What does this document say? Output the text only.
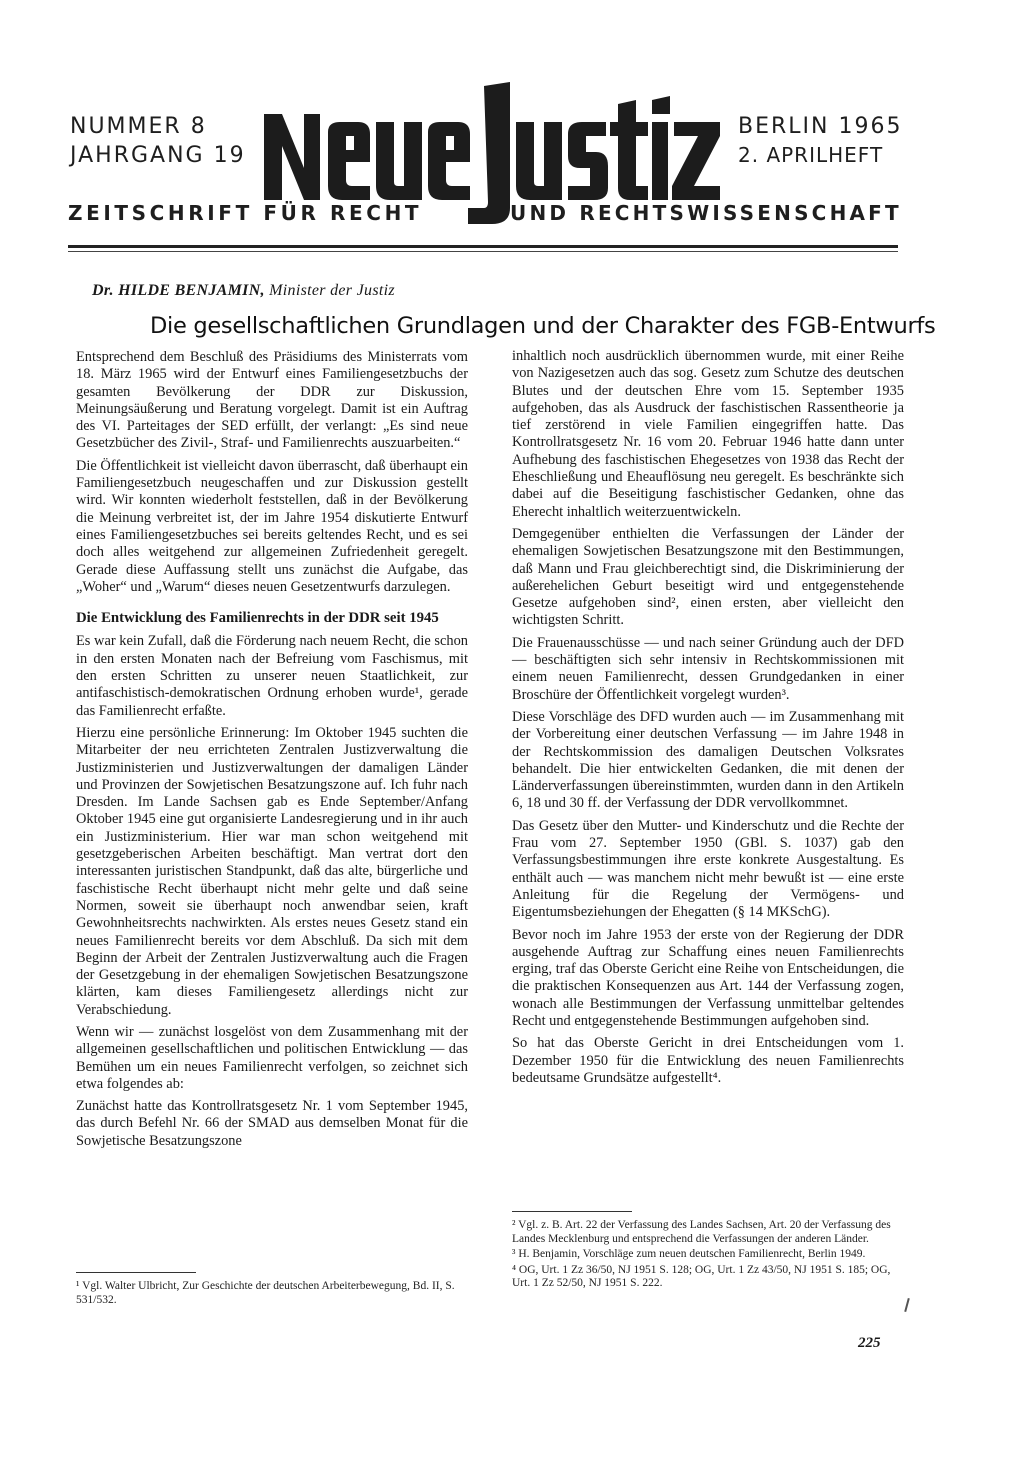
NUMMER 8
JAHRGANG 19
BERLIN 1965
2. APRILHEFT
ZEITSCHRIFT FÜR RECHT	UND RECHTSWISSENSCHAFT
Dr. HILDE BENJAMIN, Minister der Justiz
Die gesellschaftlichen Grundlagen und der Charakter des FGB-Entwurfs

Entsprechend dem Beschluß des Präsidiums des Ministerrats vom 18. März 1965 wird der Entwurf eines Familiengesetzbuchs der gesamten Bevölkerung der DDR zur Diskussion, Meinungsäußerung und Beratung vorgelegt. Damit ist ein Auftrag des VI. Parteitages der SED erfüllt, der verlangt: „Es sind neue Gesetzbücher des Zivil-, Straf- und Familienrechts auszuarbeiten.“

Die Öffentlichkeit ist vielleicht davon überrascht, daß überhaupt ein Familiengesetzbuch neugeschaffen und zur Diskussion gestellt wird. Wir konnten wiederholt feststellen, daß in der Bevölkerung die Meinung verbreitet ist, der im Jahre 1954 diskutierte Entwurf eines Familiengesetzbuches sei bereits geltendes Recht, und es sei doch alles weitgehend zur allgemeinen Zufriedenheit geregelt. Gerade diese Auffassung stellt uns zunächst die Aufgabe, das „Woher“ und „Warum“ dieses neuen Gesetzentwurfs darzulegen.

Die Entwicklung des Familienrechts in der DDR seit 1945

Es war kein Zufall, daß die Förderung nach neuem Recht, die schon in den ersten Monaten nach der Befreiung vom Faschismus, mit den ersten Schritten zu unserer neuen Staatlichkeit, zur antifaschistisch-demokratischen Ordnung erhoben wurde¹, gerade das Familienrecht erfaßte.

Hierzu eine persönliche Erinnerung: Im Oktober 1945 suchten die Mitarbeiter der neu errichteten Zentralen Justizverwaltung die Justizministerien und Justizverwaltungen der damaligen Länder und Provinzen der Sowjetischen Besatzungszone auf. Ich fuhr nach Dresden. Im Lande Sachsen gab es Ende September/Anfang Oktober 1945 eine gut organisierte Landesregierung und in ihr auch ein Justizministerium. Hier war man schon weitgehend mit gesetzgeberischen Arbeiten beschäftigt. Man vertrat dort den interessanten juristischen Standpunkt, daß das alte, bürgerliche und faschistische Recht überhaupt nicht mehr gelte und daß seine Normen, soweit sie überhaupt noch anwendbar seien, kraft Gewohnheitsrechts nachwirkten. Als erstes neues Gesetz stand ein neues Familienrecht bereits vor dem Abschluß. Da sich mit dem Beginn der Arbeit der Zentralen Justizverwaltung auch die Fragen der Gesetzgebung in der ehemaligen Sowjetischen Besatzungszone klärten, kam dieses Familiengesetz allerdings nicht zur Verabschiedung.

Wenn wir — zunächst losgelöst von dem Zusammenhang mit der allgemeinen gesellschaftlichen und politischen Entwicklung — das Bemühen um ein neues Familienrecht verfolgen, so zeichnet sich etwa folgendes ab:

Zunächst hatte das Kontrollratsgesetz Nr. 1 vom September 1945, das durch Befehl Nr. 66 der SMAD aus demselben Monat für die Sowjetische Besatzungszone

inhaltlich noch ausdrücklich übernommen wurde, mit einer Reihe von Nazigesetzen auch das sog. Gesetz zum Schutze des deutschen Blutes und der deutschen Ehre vom 15. September 1935 aufgehoben, das als Ausdruck der faschistischen Rassentheorie ja tief zerstörend in viele Familien eingegriffen hatte. Das Kontrollratsgesetz Nr. 16 vom 20. Februar 1946 hatte dann unter Aufhebung des faschistischen Ehegesetzes von 1938 das Recht der Eheschließung und Eheauflösung neu geregelt. Es beschränkte sich dabei auf die Beseitigung faschistischer Gedanken, ohne das Eherecht inhaltlich weiterzuentwickeln.

Demgegenüber enthielten die Verfassungen der Länder der ehemaligen Sowjetischen Besatzungszone mit den Bestimmungen, daß Mann und Frau gleichberechtigt sind, die Diskriminierung der außerehelichen Geburt beseitigt wird und entgegenstehende Gesetze aufgehoben sind², einen ersten, aber vielleicht den wichtigsten Schritt.

Die Frauenausschüsse — und nach seiner Gründung auch der DFD — beschäftigten sich sehr intensiv in Rechtskommissionen mit einem neuen Familienrecht, dessen Grundgedanken in einer Broschüre der Öffentlichkeit vorgelegt wurden³.

Diese Vorschläge des DFD wurden auch — im Zusammenhang mit der Vorbereitung einer deutschen Verfassung — im Jahre 1948 in der Rechtskommission des damaligen Deutschen Volksrates behandelt. Die hier entwickelten Gedanken, die mit denen der Länderverfassungen übereinstimmten, wurden dann in den Artikeln 6, 18 und 30 ff. der Verfassung der DDR vervollkommnet.

Das Gesetz über den Mutter- und Kinderschutz und die Rechte der Frau vom 27. September 1950 (GBl. S. 1037) gab den Verfassungsbestimmungen ihre erste konkrete Ausgestaltung. Es enthält auch — was manchem nicht mehr bewußt ist — eine erste Anleitung für die Regelung der Vermögens- und Eigentumsbeziehungen der Ehegatten (§ 14 MKSchG).

Bevor noch im Jahre 1953 der erste von der Regierung der DDR ausgehende Auftrag zur Schaffung eines neuen Familienrechts erging, traf das Oberste Gericht eine Reihe von Entscheidungen, die die praktischen Konsequenzen aus Art. 144 der Verfassung zogen, wonach alle Bestimmungen der Verfassung unmittelbar geltendes Recht und entgegenstehende Bestimmungen aufgehoben sind.

So hat das Oberste Gericht in drei Entscheidungen vom 1. Dezember 1950 für die Entwicklung des neuen Familienrechts bedeutsame Grundsätze aufgestellt⁴.

¹ Vgl. Walter Ulbricht, Zur Geschichte der deutschen Arbeiterbewegung, Bd. II, S. 531/532.

² Vgl. z. B. Art. 22 der Verfassung des Landes Sachsen, Art. 20 der Verfassung des Landes Mecklenburg und entsprechend die Verfassungen der anderen Länder.

³ H. Benjamin, Vorschläge zum neuen deutschen Familienrecht, Berlin 1949.

⁴ OG, Urt. 1 Zz 36/50, NJ 1951 S. 128; OG, Urt. 1 Zz 43/50, NJ 1951 S. 185; OG, Urt. 1 Zz 52/50, NJ 1951 S. 222.

225
